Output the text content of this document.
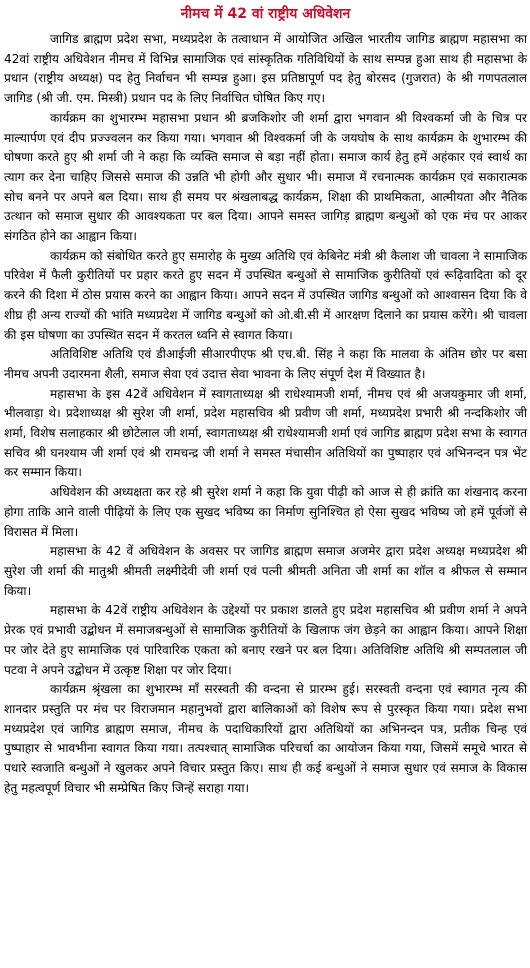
नीमच में 42 वां राष्ट्रीय अधिवेशन

जागिड ब्राह्मण प्रदेश सभा, मध्यप्रदेश के तत्वाधान में आयोजित अखिल भारतीय जागिड ब्राह्मण महासभा का 42वां राष्ट्रीय अधिवेशन नीमच में विभिन्न सामाजिक एवं सांस्कृतिक गतिविधियों के साथ सम्पन्न हुआ साथ ही महासभा के प्रधान (राष्ट्रीय अध्यक्ष) पद हेतु निर्वाचन भी सम्पन्न हुआ। इस प्रतिष्ठापूर्ण पद हेतु बोरसद (गुजरात) के श्री गणपतलाल जागिड (श्री जी. एम. मिस्त्री) प्रधान पद के लिए निर्वाचित घोषित किए गए।

कार्यक्रम का शुभारम्भ महासभा प्रधान श्री ब्रजकिशोर जी शर्मा द्वारा भगवान श्री विश्वकर्मा जी के चित्र पर माल्यार्पण एवं दीप प्रज्ज्वलन कर किया गया। भगवान श्री विश्वकर्मा जी के जयघोष के साथ कार्यक्रम के शुभारम्भ की घोषणा करते हुए श्री शर्मा जी ने कहा कि व्यक्ति समाज से बड़ा नहीं होता। समाज कार्य हेतु हमें अहंकार एवं स्वार्थ का त्याग कर देना चाहिए जिससे समाज की उन्नति भी होगी और सुधार भी। समाज में रचनात्मक कार्यक्रम एवं सकारात्मक सोच बनने पर अपने बल दिया। साथ ही समय पर श्रंखलाबद्ध कार्यक्रम, शिक्षा की प्राथमिकता, आत्मीयता और नैतिक उत्थान को समाज सुधार की आवश्यकता पर बल दिया। आपने समस्त जागिड़ ब्राह्मण बन्धुओं को एक मंच पर आकर संगठित होने का आह्वान किया।

कार्यक्रम को संबोधित करते हुए समारोह के मुख्य अतिथि एवं केबिनेट मंत्री श्री कैलाश जी चावला ने सामाजिक परिवेश में फैली कुरीतियों पर प्रहार करते हुए सदन में उपस्थित बन्धुओं से सामाजिक कुरीतियों एवं रूढ़िवादिता को दूर करने की दिशा में ठोस प्रयास करने का आह्वान किया। आपने सदन में उपस्थित जागिड बन्धुओं को आश्वासन दिया कि वे शीघ्र ही अन्य राज्यों की भांति मध्यप्रदेश में जागिड बन्धुओं को ओ.बी.सी में आरक्षण दिलाने का प्रयास करेंगे। श्री चावला की इस घोषणा का उपस्थित सदन में करतल ध्वनि से स्वागत किया।

अतिविशिष्ट अतिथि एवं डीआईजी सीआरपीएफ श्री एच.बी. सिंह ने कहा कि मालवा के अंतिम छोर पर बसा नीमच अपनी उदारमना शैली, समाज सेवा एवं उदात्त सेवा भावना के लिए संपूर्ण देश में विख्यात है।

महासभा के इस 42वें अधिवेशन में स्वागताध्यक्ष श्री राधेश्यामजी शर्मा, नीमच एवं श्री अजयकुमार जी शर्मा, भीलवाड़ा थे। प्रदेशाध्यक्ष श्री सुरेश जी शर्मा, प्रदेश महासचिव श्री प्रवीण जी शर्मा, मध्यप्रदेश प्रभारी श्री नन्दकिशोर जी शर्मा, विशेष सलाहकार श्री छोटेलाल जी शर्मा, स्वागताध्यक्ष श्री राधेश्यामजी शर्मा एवं जागिड ब्राह्मण प्रदेश सभा के स्वागत सचिव श्री घनश्याम जी शर्मा एवं श्री रामचन्द्र जी शर्मा ने समस्त मंचासीन अतिथियों का पुष्पाहार एवं अभिनन्दन पत्र भेंट कर सम्मान किया।

अधिवेशन की अध्यक्षता कर रहे श्री सुरेश शर्मा ने कहा कि युवा पीढ़ी को आज से ही क्रांति का शंखनाद करना होगा ताकि आने वाली पीढ़ियों के लिए एक सुखद भविष्य का निर्माण सुनिश्चित हो ऐसा सुखद भविष्य जो हमें पूर्वजों से विरासत में मिला।

महासभा के 42 वें अधिवेशन के अवसर पर जागिड ब्राह्मण समाज अजमेर द्वारा प्रदेश अध्यक्ष मध्यप्रदेश श्री सुरेश जी शर्मा की मातुश्री श्रीमती लक्ष्मीदेवी जी शर्मा एवं पत्नी श्रीमती अनिता जी शर्मा का शॉल व श्रीफल से सम्मान किया।

महासभा के 42वें राष्ट्रीय अधिवेशन के उद्देश्यों पर प्रकाश डालते हुए प्रदेश महासचिव श्री प्रवीण शर्मा ने अपने प्रेरक एवं प्रभावी उद्बोधन में समाजबन्धुओं से सामाजिक कुरीतियों के खिलाफ जंग छेड़ने का आह्वान किया। आपने शिक्षा पर जोर देते हुए सामाजिक एवं पारिवारिक एकता को बनाए रखने पर बल दिया। अतिविशिष्ट अतिथि श्री सम्पतलाल जी पटवा ने अपने उद्बोधन में उत्कृष्ट शिक्षा पर जोर दिया।

कार्यक्रम श्रृंखला का शुभारम्भ माँ सरस्वती की वन्दना से प्रारम्भ हुई। सरस्वती वन्दना एवं स्वागत नृत्य की शानदार प्रस्तुति पर मंच पर विराजमान महानुभवों द्वारा बालिकाओं को विशेष रूप से पुरस्कृत किया गया। प्रदेश सभा मध्यप्रदेश एवं जागिड ब्राह्मण समाज, नीमच के पदाधिकारियों द्वारा अतिथियों का अभिनन्दन पत्र, प्रतीक चिन्ह एवं पुष्पाहार से भावभीना स्वागत किया गया। तत्पश्चात् सामाजिक परिचर्चा का आयोजन किया गया, जिसमें समूचे भारत से पधारे स्वजाति बन्धुओं ने खुलकर अपने विचार प्रस्तुत किए। साथ ही कई बन्धुओं ने समाज सुधार एवं समाज के विकास हेतु महत्वपूर्ण विचार भी सम्प्रेषित किए जिन्हें सराहा गया।
